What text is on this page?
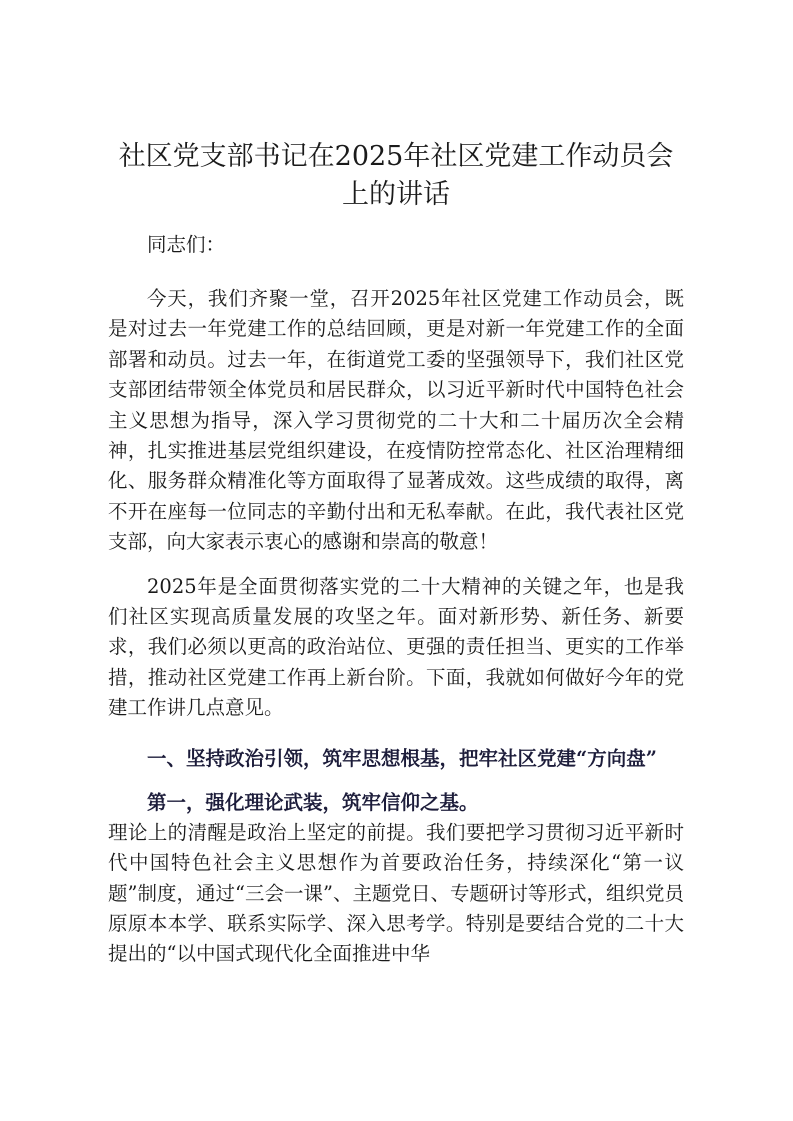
社区党支部书记在2025年社区党建工作动员会上的讲话

同志们：

今天，我们齐聚一堂，召开2025年社区党建工作动员会，既是对过去一年党建工作的总结回顾，更是对新一年党建工作的全面部署和动员。过去一年，在街道党工委的坚强领导下，我们社区党支部团结带领全体党员和居民群众，以习近平新时代中国特色社会主义思想为指导，深入学习贯彻党的二十大和二十届历次全会精神，扎实推进基层党组织建设，在疫情防控常态化、社区治理精细化、服务群众精准化等方面取得了显著成效。这些成绩的取得，离不开在座每一位同志的辛勤付出和无私奉献。在此，我代表社区党支部，向大家表示衷心的感谢和崇高的敬意！

2025年是全面贯彻落实党的二十大精神的关键之年，也是我们社区实现高质量发展的攻坚之年。面对新形势、新任务、新要求，我们必须以更高的政治站位、更强的责任担当、更实的工作举措，推动社区党建工作再上新台阶。下面，我就如何做好今年的党建工作讲几点意见。

一、坚持政治引领，筑牢思想根基，把牢社区党建“方向盘”

第一，强化理论武装，筑牢信仰之基。

理论上的清醒是政治上坚定的前提。我们要把学习贯彻习近平新时代中国特色社会主义思想作为首要政治任务，持续深化“第一议题”制度，通过“三会一课”、主题党日、专题研讨等形式，组织党员原原本本学、联系实际学、深入思考学。特别是要结合党的二十大提出的“以中国式现代化全面推进中华
